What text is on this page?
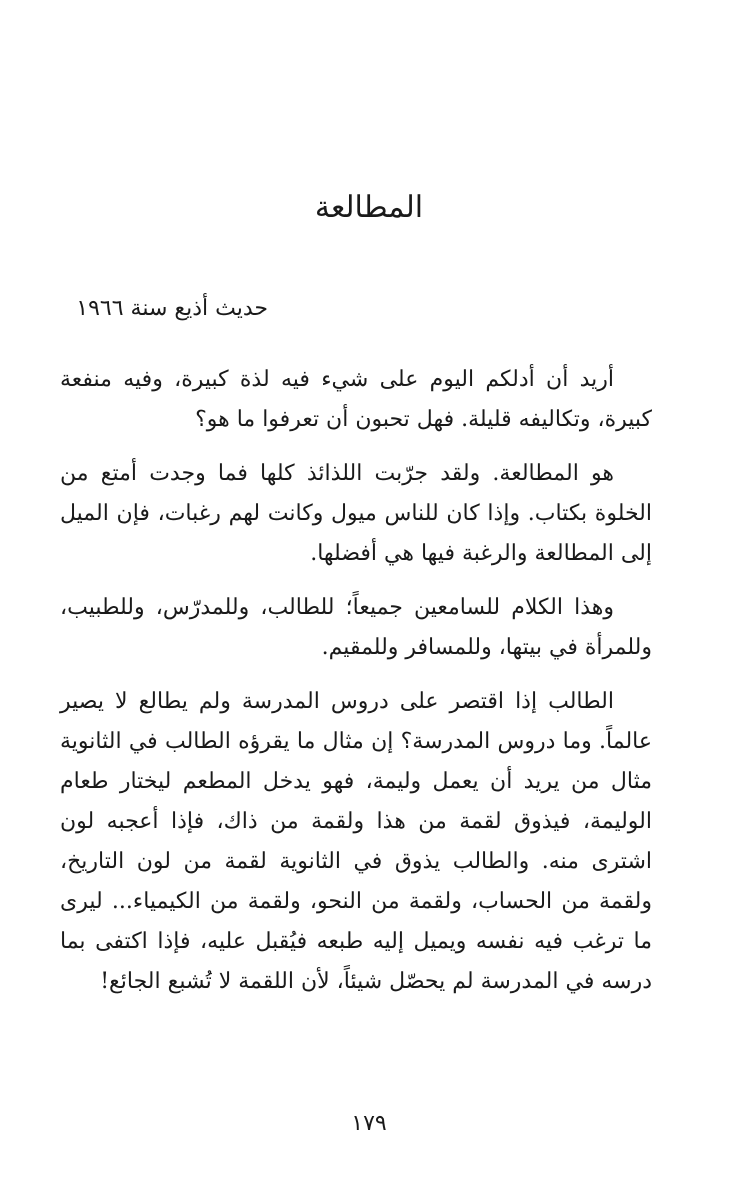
المطالعة

حديث أذيع سنة ١٩٦٦

أريد أن أدلكم اليوم على شيء فيه لذة كبيرة، وفيه منفعة كبيرة، وتكاليفه قليلة. فهل تحبون أن تعرفوا ما هو؟

هو المطالعة. ولقد جرّبت اللذائذ كلها فما وجدت أمتع من الخلوة بكتاب. وإذا كان للناس ميول وكانت لهم رغبات، فإن الميل إلى المطالعة والرغبة فيها هي أفضلها.

وهذا الكلام للسامعين جميعاً؛ للطالب، وللمدرّس، وللطبيب، وللمرأة في بيتها، وللمسافر وللمقيم.

الطالب إذا اقتصر على دروس المدرسة ولم يطالع لا يصير عالماً. وما دروس المدرسة؟ إن مثال ما يقرؤه الطالب في الثانوية مثال من يريد أن يعمل وليمة، فهو يدخل المطعم ليختار طعام الوليمة، فيذوق لقمة من هذا ولقمة من ذاك، فإذا أعجبه لون اشترى منه. والطالب يذوق في الثانوية لقمة من لون التاريخ، ولقمة من الحساب، ولقمة من النحو، ولقمة من الكيمياء... ليرى ما ترغب فيه نفسه ويميل إليه طبعه فيُقبل عليه، فإذا اكتفى بما درسه في المدرسة لم يحصّل شيئاً، لأن اللقمة لا تُشبع الجائع!

١٧٩
